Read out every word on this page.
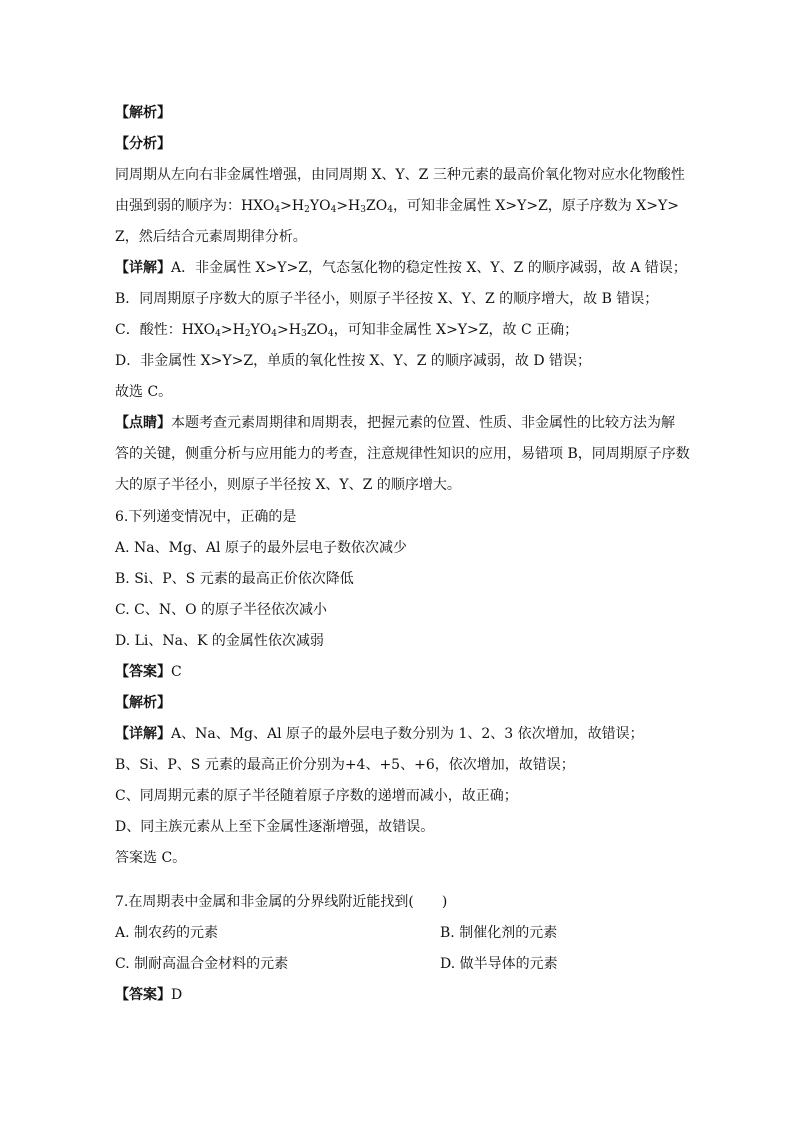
【解析】
【分析】
同周期从左向右非金属性增强，由同周期 X、Y、Z 三种元素的最高价氧化物对应水化物酸性
由强到弱的顺序为：$HXO_4>H_2YO_4>H_3ZO_4$，可知非金属性 X>Y>Z，原子序数为 X>Y>
Z，然后结合元素周期律分析。
【详解】A．非金属性 X>Y>Z，气态氢化物的稳定性按 X、Y、Z 的顺序减弱，故 A 错误；
B．同周期原子序数大的原子半径小，则原子半径按 X、Y、Z 的顺序增大，故 B 错误；
C．酸性：$HXO_4>H_2YO_4>H_3ZO_4$，可知非金属性 X>Y>Z，故 C 正确；
D．非金属性 X>Y>Z，单质的氧化性按 X、Y、Z 的顺序减弱，故 D 错误；
故选 C。
【点睛】本题考查元素周期律和周期表，把握元素的位置、性质、非金属性的比较方法为解
答的关键，侧重分析与应用能力的考查，注意规律性知识的应用，易错项 B，同周期原子序数
大的原子半径小，则原子半径按 X、Y、Z 的顺序增大。
6.下列递变情况中，正确的是
A. Na、Mg、Al 原子的最外层电子数依次减少
B. Si、P、S 元素的最高正价依次降低
C. C、N、O 的原子半径依次减小
D. Li、Na、K 的金属性依次减弱
【答案】C
【解析】
【详解】A、Na、Mg、Al 原子的最外层电子数分别为 1、2、3 依次增加，故错误；
B、Si、P、S 元素的最高正价分别为+4、+5、+6，依次增加，故错误；
C、同周期元素的原子半径随着原子序数的递增而减小，故正确；
D、同主族元素从上至下金属性逐渐增强，故错误。
答案选 C。
7.在周期表中金属和非金属的分界线附近能找到(　　)
A. 制农药的元素	B. 制催化剂的元素
C. 制耐高温合金材料的元素	D. 做半导体的元素
【答案】D
